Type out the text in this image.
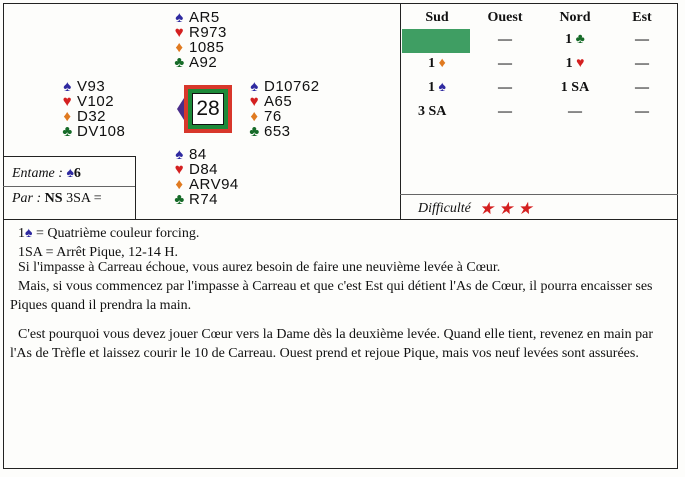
♠ AR5
♥ R973
♦ 1085
♣ A92
♠ V93
♥ V102
♦ D32
♣ DV108
♠ D10762
♥ A65
♦ 76
♣ 653
♠ 84
♥ D84
♦ ARV94
♣ R74
28
Entame : ♠6
Par : NS 3SA =
Sud	Ouest	Nord	Est
	—	1 ♣	—
1 ♦	—	1 ♥	—
1 ♠	—	1 SA	—
3 SA	—	—	—
Difficulté ★★★
1♠ = Quatrième couleur forcing.
1SA = Arrêt Pique, 12-14 H.

Si l'impasse à Carreau échoue, vous aurez besoin de faire une neuvième levée à Cœur.

Mais, si vous commencez par l'impasse à Carreau et que c'est Est qui détient l'As de Cœur, il pourra encaisser ses Piques quand il prendra la main.

C'est pourquoi vous devez jouer Cœur vers la Dame dès la deuxième levée. Quand elle tient, revenez en main par l'As de Trèfle et laissez courir le 10 de Carreau. Ouest prend et rejoue Pique, mais vos neuf levées sont assurées.
